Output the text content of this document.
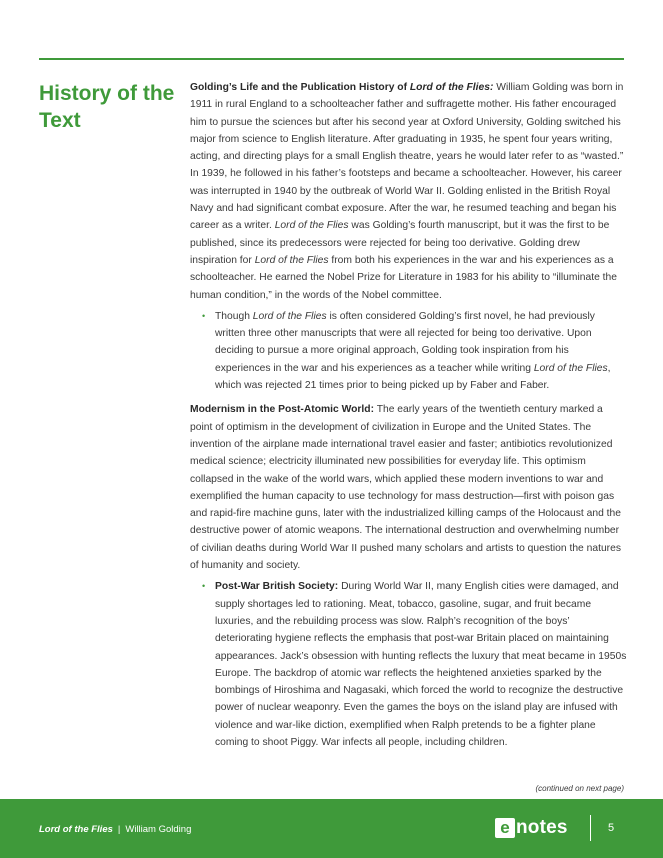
History of the Text

Golding’s Life and the Publication History of Lord of the Flies: William Golding was born in 1911 in rural England to a schoolteacher father and suffragette mother. His father encouraged him to pursue the sciences but after his second year at Oxford University, Golding switched his major from science to English literature. After graduating in 1935, he spent four years writing, acting, and directing plays for a small English theatre, years he would later refer to as “wasted.” In 1939, he followed in his father’s footsteps and became a schoolteacher. However, his career was interrupted in 1940 by the outbreak of World War II. Golding enlisted in the British Royal Navy and had significant combat exposure. After the war, he resumed teaching and began his career as a writer. Lord of the Flies was Golding’s fourth manuscript, but it was the first to be published, since its predecessors were rejected for being too derivative. Golding drew inspiration for Lord of the Flies from both his experiences in the war and his experiences as a schoolteacher. He earned the Nobel Prize for Literature in 1983 for his ability to “illuminate the human condition,” in the words of the Nobel committee.

• Though Lord of the Flies is often considered Golding’s first novel, he had previously written three other manuscripts that were all rejected for being too derivative. Upon deciding to pursue a more original approach, Golding took inspiration from his experiences in the war and his experiences as a teacher while writing Lord of the Flies, which was rejected 21 times prior to being picked up by Faber and Faber.

Modernism in the Post-Atomic World: The early years of the twentieth century marked a point of optimism in the development of civilization in Europe and the United States. The invention of the airplane made international travel easier and faster; antibiotics revolutionized medical science; electricity illuminated new possibilities for everyday life. This optimism collapsed in the wake of the world wars, which applied these modern inventions to war and exemplified the human capacity to use technology for mass destruction—first with poison gas and rapid-fire machine guns, later with the industrialized killing camps of the Holocaust and the destructive power of atomic weapons. The international destruction and overwhelming number of civilian deaths during World War II pushed many scholars and artists to question the natures of humanity and society.

• Post-War British Society: During World War II, many English cities were damaged, and supply shortages led to rationing. Meat, tobacco, gasoline, sugar, and fruit became luxuries, and the rebuilding process was slow. Ralph’s recognition of the boys’ deteriorating hygiene reflects the emphasis that post-war Britain placed on maintaining appearances. Jack’s obsession with hunting reflects the luxury that meat became in 1950s Europe. The backdrop of atomic war reflects the heightened anxieties sparked by the bombings of Hiroshima and Nagasaki, which forced the world to recognize the destructive power of nuclear weaponry. Even the games the boys on the island play are infused with violence and war-like diction, exemplified when Ralph pretends to be a fighter plane coming to shoot Piggy. War infects all people, including children.
(continued on next page)
Lord of the Flies | William Golding	e notes	5
